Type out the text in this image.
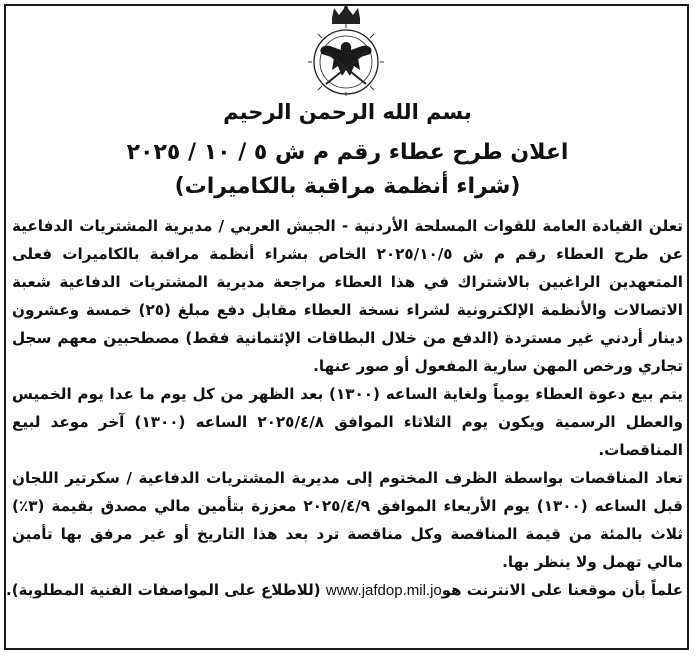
بسم الله الرحمن الرحيم
اعلان طرح عطاء رقم م ش ٥ / ١٠ / ٢٠٢٥
(شراء أنظمة مراقبة بالكاميرات)

تعلن القيادة العامة للقوات المسلحة الأردنية - الجيش العربي / مديرية المشتريات الدفاعية عن طرح العطاء رقم م ش ٢٠٢٥/١٠/٥ الخاص بشراء أنظمة مراقبة بالكاميرات فعلى المتعهدين الراغبين بالاشتراك في هذا العطاء مراجعة مديرية المشتريات الدفاعية شعبة الاتصالات والأنظمة الإلكترونية لشراء نسخة العطاء مقابل دفع مبلغ (٢٥) خمسة وعشرون دينار أردني غير مستردة (الدفع من خلال البطاقات الإئتمانية فقط) مصطحبين معهم سجل تجاري ورخص المهن سارية المفعول أو صور عنها.

يتم بيع دعوة العطاء يومياً ولغاية الساعه (١٣٠٠) بعد الظهر من كل يوم ما عدا يوم الخميس والعطل الرسمية ويكون يوم الثلاثاء الموافق ٢٠٢٥/٤/٨ الساعه (١٣٠٠) آخر موعد لبيع المناقصات.

تعاد المناقصات بواسطة الظرف المختوم إلى مديرية المشتريات الدفاعية / سكرتير اللجان قبل الساعه (١٣٠٠) يوم الأربعاء الموافق ٢٠٢٥/٤/٩ معززة بتأمين مالي مصدق بقيمة (٣٪) ثلاث بالمئة من قيمة المناقصة وكل مناقصة ترد بعد هذا التاريخ أو غير مرفق بها تأمين مالي تهمل ولا ينظر بها.

علماً بأن موقعنا على الانترنت هوwww.jafdop.mil.jo (للاطلاع على المواصفات الفنية المطلوبة).
